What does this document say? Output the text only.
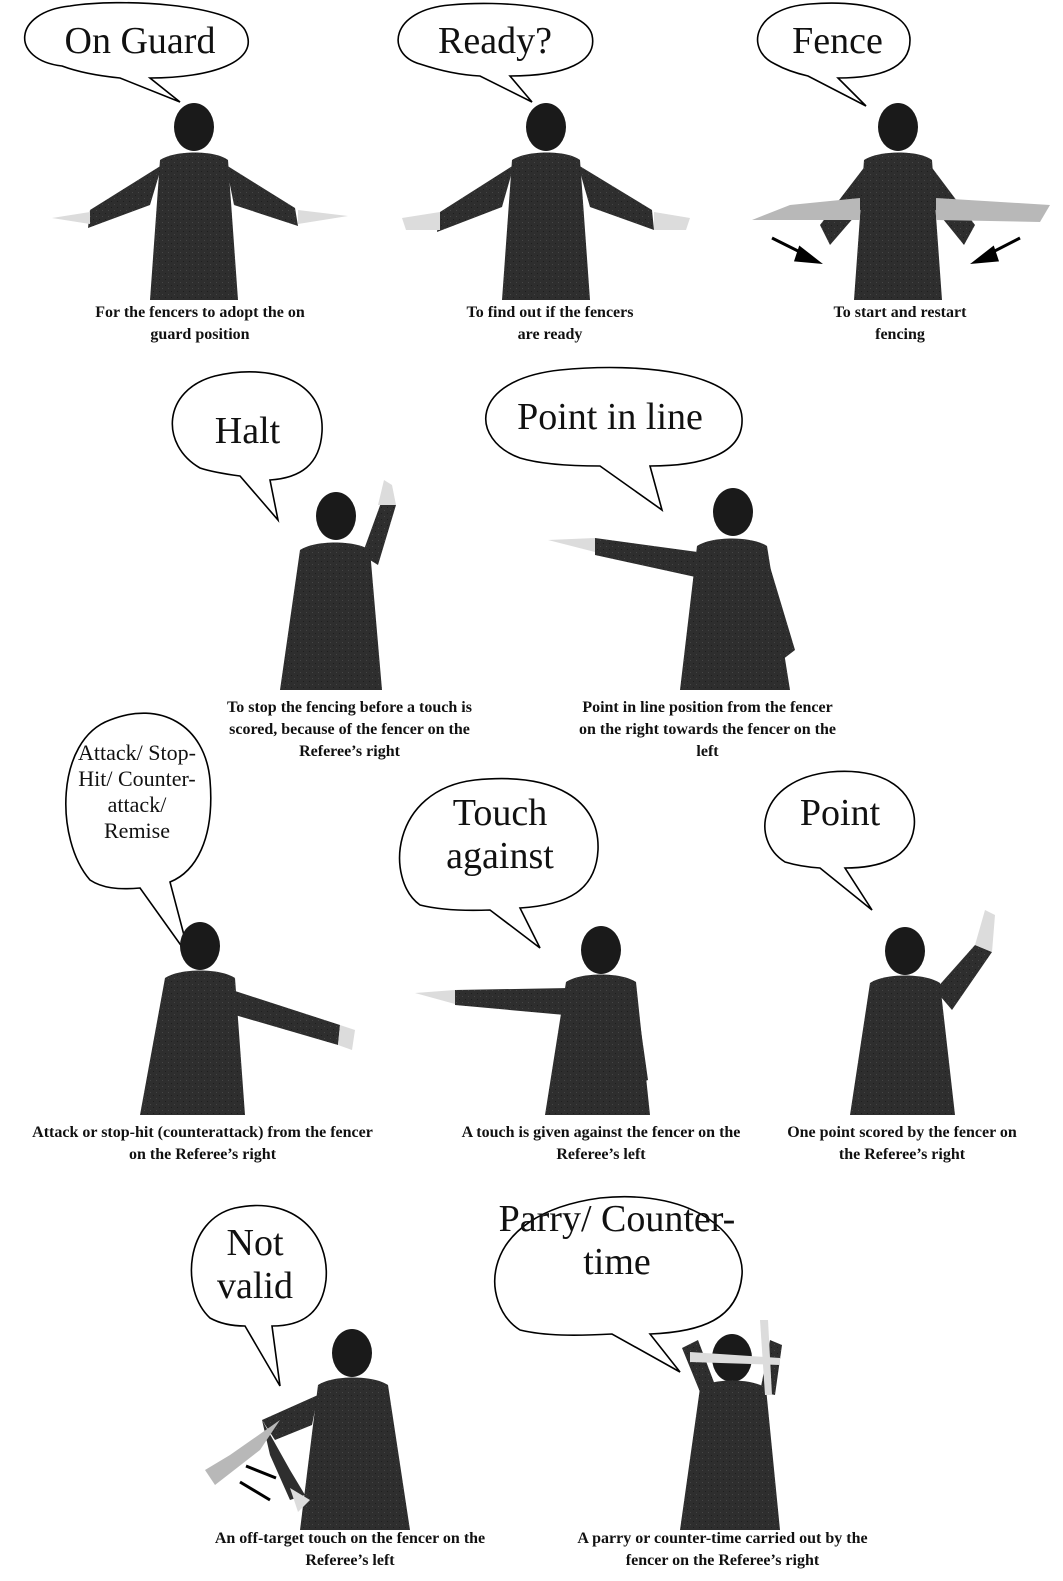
On Guard
For the fencers to adopt the on guard position
Ready?
To find out if the fencers are ready
Fence
To start and restart fencing
Halt
To stop the fencing before a touch is scored, because of the fencer on the Referee’s right
Point in line
Point in line position from the fencer on the right towards the fencer on the left
Attack/ Stop-Hit/ Counter-attack/ Remise
Attack or stop-hit (counterattack) from the fencer on the Referee’s right
Touch against
A touch is given against the fencer on the Referee’s left
Point
One point scored by the fencer on the Referee’s right
Not valid
An off-target touch on the fencer on the Referee’s left
Parry/ Counter-time
A parry or counter-time carried out by the fencer on the Referee’s right
